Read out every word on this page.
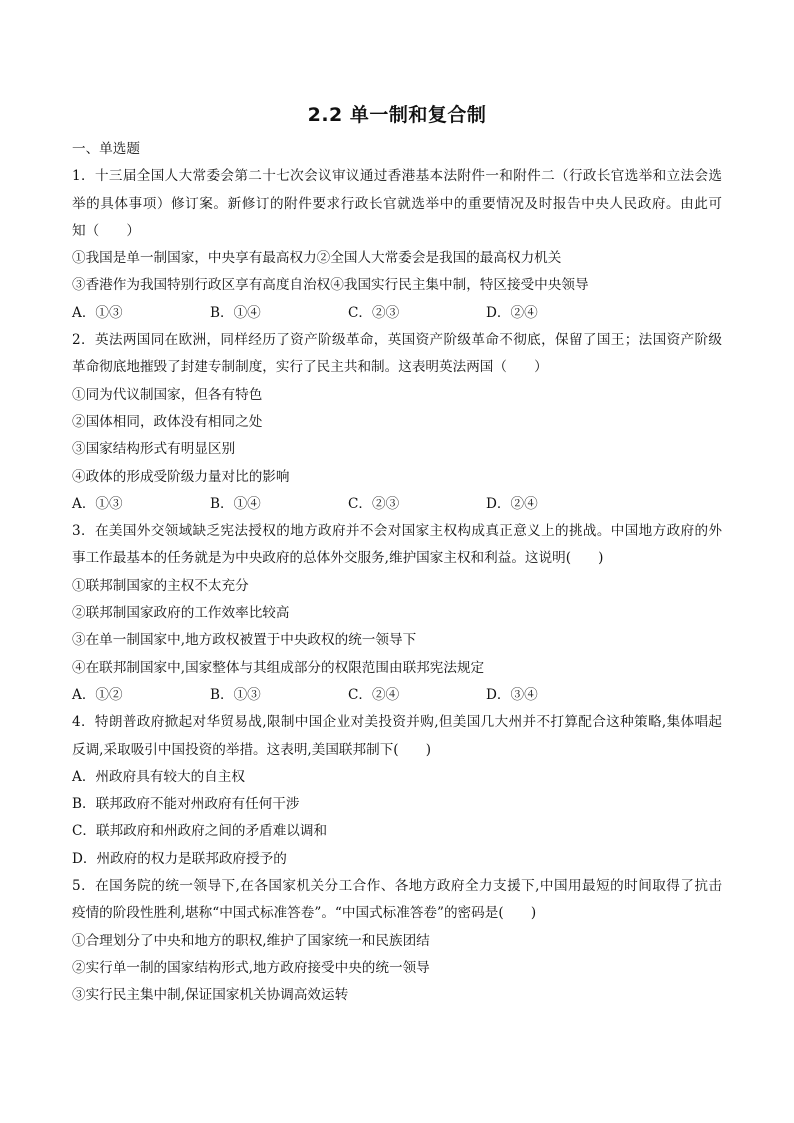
2.2 单一制和复合制
一、单选题
1．十三届全国人大常委会第二十七次会议审议通过香港基本法附件一和附件二（行政长官选举和立法会选
举的具体事项）修订案。新修订的附件要求行政长官就选举中的重要情况及时报告中央人民政府。由此可
知（　　）
①我国是单一制国家，中央享有最高权力②全国人大常委会是我国的最高权力机关
③香港作为我国特别行政区享有高度自治权④我国实行民主集中制，特区接受中央领导
A．①③	B．①④	C．②③	D．②④
2．英法两国同在欧洲，同样经历了资产阶级革命，英国资产阶级革命不彻底，保留了国王；法国资产阶级
革命彻底地摧毁了封建专制制度，实行了民主共和制。这表明英法两国（　　）
①同为代议制国家，但各有特色
②国体相同，政体没有相同之处
③国家结构形式有明显区别
④政体的形成受阶级力量对比的影响
A．①③	B．①④	C．②③	D．②④
3．在美国外交领域缺乏宪法授权的地方政府并不会对国家主权构成真正意义上的挑战。中国地方政府的外
事工作最基本的任务就是为中央政府的总体外交服务,维护国家主权和利益。这说明(　　)
①联邦制国家的主权不太充分
②联邦制国家政府的工作效率比较高
③在单一制国家中,地方政权被置于中央政权的统一领导下
④在联邦制国家中,国家整体与其组成部分的权限范围由联邦宪法规定
A．①②	B．①③	C．②④	D．③④
4．特朗普政府掀起对华贸易战,限制中国企业对美投资并购,但美国几大州并不打算配合这种策略,集体唱起
反调,采取吸引中国投资的举措。这表明,美国联邦制下(　　)
A．州政府具有较大的自主权
B．联邦政府不能对州政府有任何干涉
C．联邦政府和州政府之间的矛盾难以调和
D．州政府的权力是联邦政府授予的
5．在国务院的统一领导下,在各国家机关分工合作、各地方政府全力支援下,中国用最短的时间取得了抗击
疫情的阶段性胜利,堪称“中国式标准答卷”。“中国式标准答卷”的密码是(　　)
①合理划分了中央和地方的职权,维护了国家统一和民族团结
②实行单一制的国家结构形式,地方政府接受中央的统一领导
③实行民主集中制,保证国家机关协调高效运转
